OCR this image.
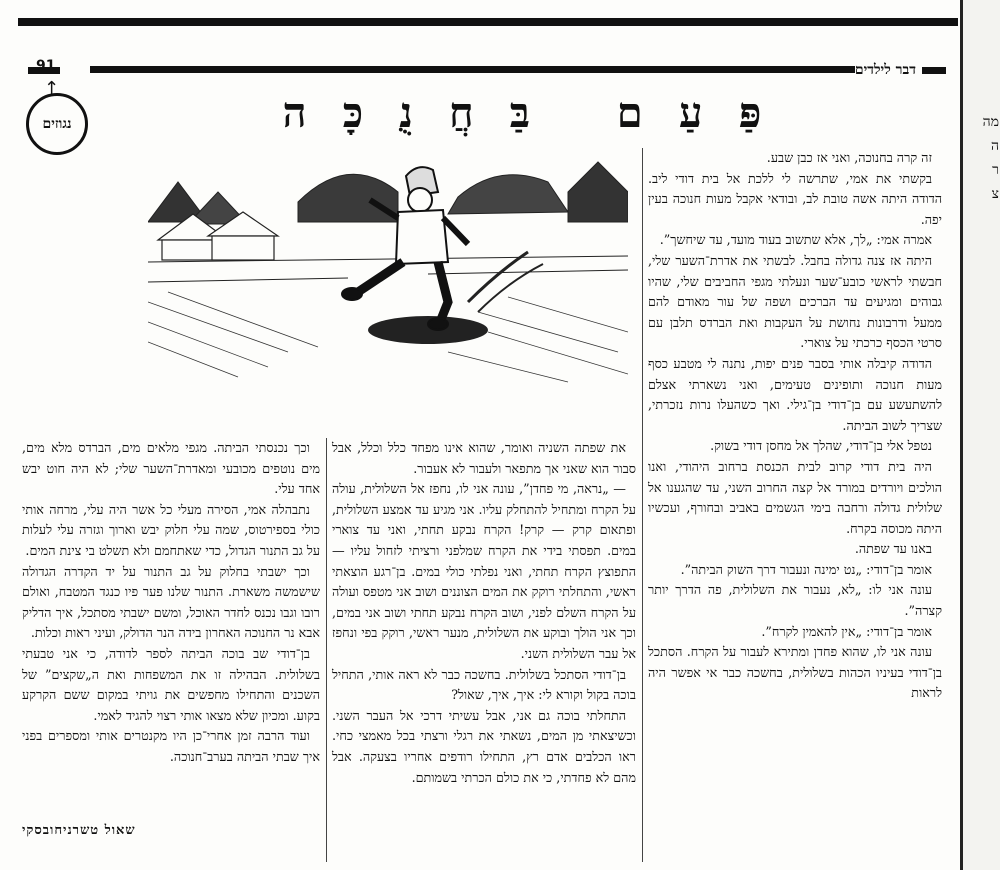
91	דבר לילדים
↑
נגוזים	פַּעַם בַּחֲנֻכָּה

זה קרה בחנוכה, ואני אז כבן שבע.

בקשתי את אמי, שתרשה לי ללכת אל בית דודי ליב. הדודה היתה אשה טובת לב, ובודאי אקבל מעות חנוכה בעין יפה.

אמרה אמי: „לך, אלא שתשוב בעוד מועד, עד שיחשך”.

היתה אז צנה גדולה בחבל. לבשתי את אדרת־השער שלי, חבשתי לראשי כובע־שער ונעלתי מגפי החביבים שלי, שהיו גבוהים ומגיעים עד הברכים ושפה של עור מאודם להם ממעל ודרבונות נחושת על העקבות ואת הברדס תלבן עם סרטי הכסף כרכתי על צוארי.

הדודה קיבלה אותי בסבר פנים יפות, נתנה לי מטבע כסף מעות חנוכה ותופינים טעימים, ואני נשארתי אצלם להשתעשע עם בן־דודי בן־גילי. ואך כשהעלו נרות נזכרתי, שצריך לשוב הביתה.

נטפל אלי בן־דודי, שהלך אל מחסן דודי בשוק.

היה בית דודי קרוב לבית הכנסת ברחוב היהודי, ואנו הולכים ויורדים במורד אל קצה החרוב השני, עד שהגענו אל שלולית גדולה ורחבה בימי הגשמים באביב ובחורף, ועכשיו היתה מכוסה בקרח.

באנו עד שפתה.

אומר בן־דודי: „נט ימינה ונעבור דרך השוק הביתה”.

עונה אני לו: „לא, נעבור את השלולית, פה הדרך יותר קצרה”.

אומר בן־דודי: „אין להאמין לקרח”.

עונה אני לו, שהוא פחדן ומתירא לעבור על הקרח. הסתכל בן־דודי בעיניו הכהות בשלולית, בחשכה כבר אי אפשר היה לראות

את שפתה השניה ואומר, שהוא אינו מפחד כלל וכלל, אבל סבור הוא שאני אך מתפאר ולעבור לא אעבור.

— „נראה, מי פחדן”, עונה אני לו, נחפז אל השלולית, עולה על הקרח ומתחיל להתחלק עליו. אני מגיע עד אמצע השלולית, ופתאום קרק — קרק! הקרח נבקע תחתי, ואני עד צוארי במים. תפסתי בידי את הקרח שמלפני ורציתי לזחול עליו — התפוצץ הקרח תחתי, ואני נפלתי כולי במים. בן־רגע הוצאתי ראשי, והתחלתי רוקק את המים הצוננים ושוב אני מטפס ועולה על הקרח השלם לפני, ושוב הקרח נבקע תחתי ושוב אני במים, וכך אני הולך ובוקע את השלולית, מנער ראשי, רוקק בפי ונחפז אל עבר השלולית השני.

בן־דודי הסתכל בשלולית. בחשכה כבר לא ראה אותי, התחיל בוכה בקול וקורא לי: איך, איך, שאול?

התחלתי בוכה גם אני, אבל עשיתי דרכי אל העבר השני. וכשיצאתי מן המים, נשאתי את רגלי ורצתי בכל מאמצי כחי. ראו הכלבים אדם רץ, התחילו רודפים אחריו בצעקה. אבל מהם לא פחדתי, כי את כולם הכרתי בשמותם.

וכך נכנסתי הביתה. מגפי מלאים מים, הברדס מלא מים, מים נוטפים מכובעי ומאדרת־השער שלי; לא היה חוט יבש אחד עלי.

נתבהלה אמי, הסירה מעלי כל אשר היה עלי, מרחה אותי כולי בספירטוס, שמה עלי חלוק יבש וארוך וגזרה עלי לעלות על גב התנור הגדול, כדי שאתחמם ולא תשלט בי צינת המים.

וכך ישבתי בחלוק על גב התנור על יד הקדרה הגדולה שישמשה משארת. התנור שלנו פער פיו כנגד המטבח, ואולם רובו וגבו נכנס לחדר האוכל, ומשם ישבתי מסתכל, איך הדליק אבא נר החנוכה האחרון בידה הנר הדולק, ועיני ראות וכלות.

בן־דודי שב בוכה הביתה לספר לדודה, כי אני טבעתי בשלולית. הבהילה זו את המשפחות ואת ה„שקצים” של השכנים והתחילו מחפשים את גויתי במקום ששם הקרקע בקוע. ומכיון שלא מצאו אותי רצוי להגיד לאמי.

ועוד הרבה זמן אחרי־כן היו מקנטרים אותי ומספרים בפני איך שבתי הביתה בערב־חנוכה.

שאול טשרניחובסקי
מה
ה
ר
צ
